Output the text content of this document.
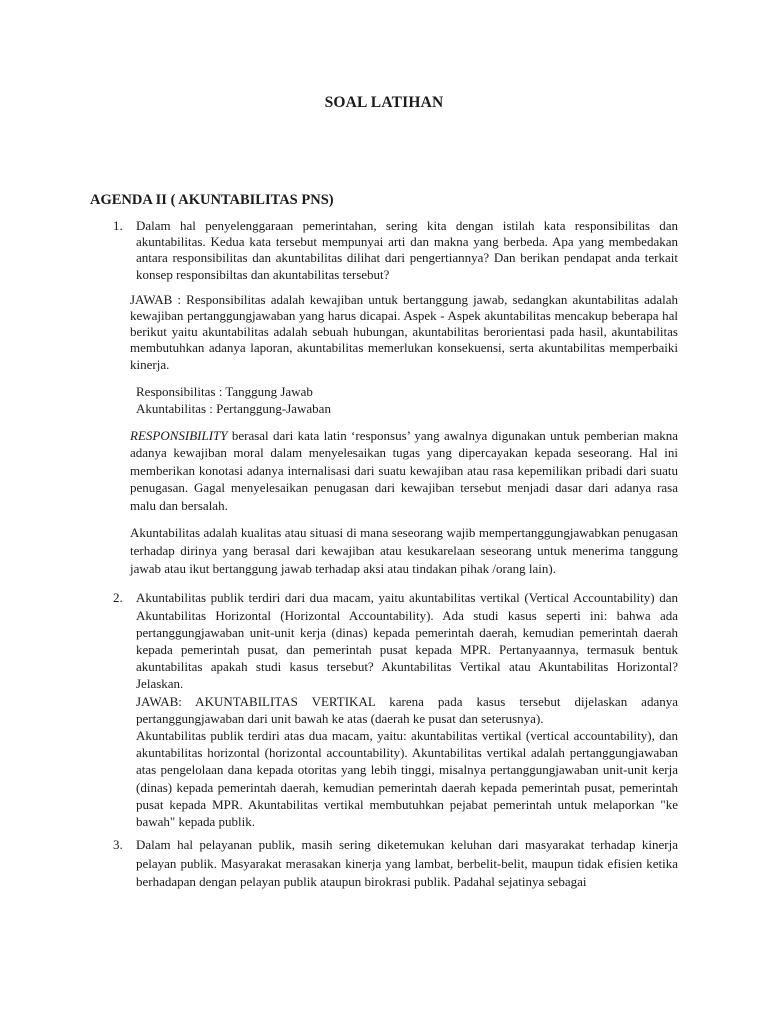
SOAL LATIHAN
AGENDA II ( AKUNTABILITAS PNS)
1. Dalam hal penyelenggaraan pemerintahan, sering kita dengan istilah kata responsibilitas dan akuntabilitas. Kedua kata tersebut mempunyai arti dan makna yang berbeda. Apa yang membedakan antara responsibilitas dan akuntabilitas dilihat dari pengertiannya? Dan berikan pendapat anda terkait konsep responsibiltas dan akuntabilitas tersebut?

JAWAB : Responsibilitas adalah kewajiban untuk bertanggung jawab, sedangkan akuntabilitas adalah kewajiban pertanggungjawaban yang harus dicapai. Aspek - Aspek akuntabilitas mencakup beberapa hal berikut yaitu akuntabilitas adalah sebuah hubungan, akuntabilitas berorientasi pada hasil, akuntabilitas membutuhkan adanya laporan, akuntabilitas memerlukan konsekuensi, serta akuntabilitas memperbaiki kinerja.

Responsibilitas : Tanggung Jawab
Akuntabilitas : Pertanggung-Jawaban

RESPONSIBILITY berasal dari kata latin ‘responsus’ yang awalnya digunakan untuk pemberian makna adanya kewajiban moral dalam menyelesaikan tugas yang dipercayakan kepada seseorang. Hal ini memberikan konotasi adanya internalisasi dari suatu kewajiban atau rasa kepemilikan pribadi dari suatu penugasan. Gagal menyelesaikan penugasan dari kewajiban tersebut menjadi dasar dari adanya rasa malu dan bersalah.

Akuntabilitas adalah kualitas atau situasi di mana seseorang wajib mempertanggungjawabkan penugasan terhadap dirinya yang berasal dari kewajiban atau kesukarelaan seseorang untuk menerima tanggung jawab atau ikut bertanggung jawab terhadap aksi atau tindakan pihak /orang lain).

2. Akuntabilitas publik terdiri dari dua macam, yaitu akuntabilitas vertikal (Vertical Accountability) dan Akuntabilitas Horizontal (Horizontal Accountability). Ada studi kasus seperti ini: bahwa ada pertanggungjawaban unit-unit kerja (dinas) kepada pemerintah daerah, kemudian pemerintah daerah kepada pemerintah pusat, dan pemerintah pusat kepada MPR. Pertanyaannya, termasuk bentuk akuntabilitas apakah studi kasus tersebut? Akuntabilitas Vertikal atau Akuntabilitas Horizontal? Jelaskan.

JAWAB: AKUNTABILITAS VERTIKAL karena pada kasus tersebut dijelaskan adanya pertanggungjawaban dari unit bawah ke atas (daerah ke pusat dan seterusnya).

Akuntabilitas publik terdiri atas dua macam, yaitu: akuntabilitas vertikal (vertical accountability), dan akuntabilitas horizontal (horizontal accountability). Akuntabilitas vertikal adalah pertanggungjawaban atas pengelolaan dana kepada otoritas yang lebih tinggi, misalnya pertanggungjawaban unit-unit kerja (dinas) kepada pemerintah daerah, kemudian pemerintah daerah kepada pemerintah pusat, pemerintah pusat kepada MPR. Akuntabilitas vertikal membutuhkan pejabat pemerintah untuk melaporkan "ke bawah" kepada publik.

3. Dalam hal pelayanan publik, masih sering diketemukan keluhan dari masyarakat terhadap kinerja pelayan publik. Masyarakat merasakan kinerja yang lambat, berbelit-belit, maupun tidak efisien ketika berhadapan dengan pelayan publik ataupun birokrasi publik. Padahal sejatinya sebagai
